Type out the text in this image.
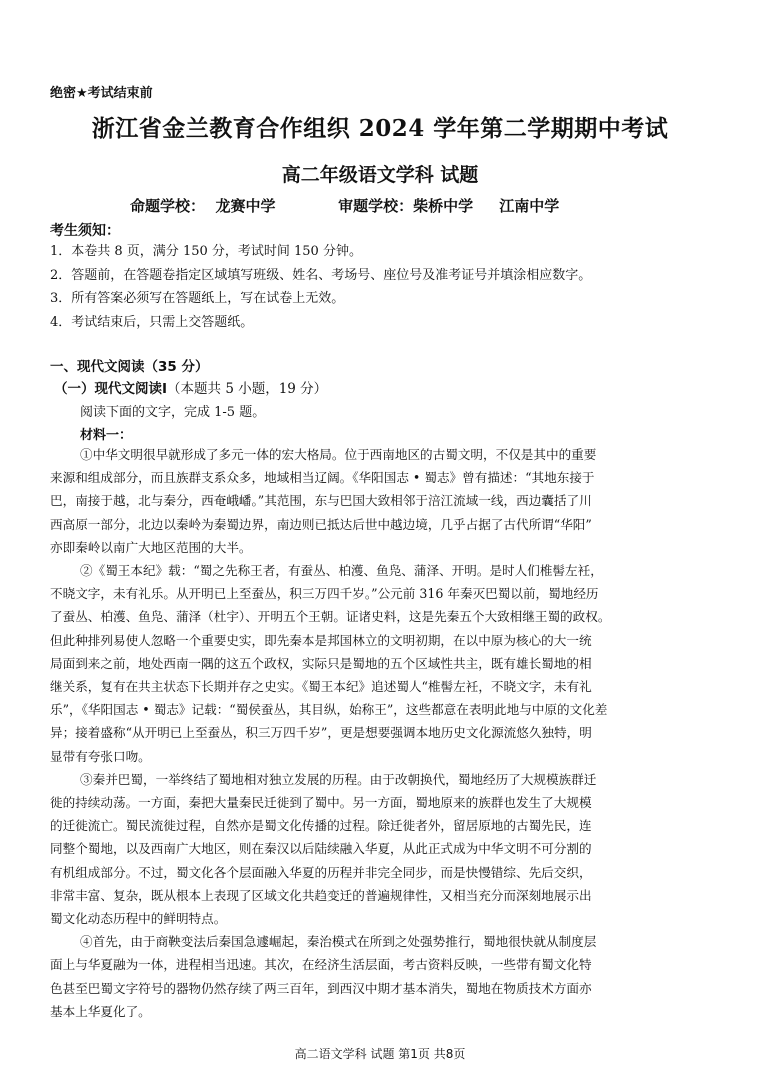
绝密★考试结束前
浙江省金兰教育合作组织 2024 学年第二学期期中考试
高二年级语文学科 试题
命题学校：  龙赛中学            审题学校：柴桥中学     江南中学
考生须知：
1．本卷共 8 页，满分 150 分，考试时间 150 分钟。
2．答题前，在答题卷指定区域填写班级、姓名、考场号、座位号及准考证号并填涂相应数字。
3．所有答案必须写在答题纸上，写在试卷上无效。
4．考试结束后，只需上交答题纸。
一、现代文阅读（35 分）
（一）现代文阅读Ⅰ（本题共 5 小题，19 分）
阅读下面的文字，完成 1-5 题。
材料一：
①中华文明很早就形成了多元一体的宏大格局。位于西南地区的古蜀文明，不仅是其中的重要
来源和组成部分，而且族群支系众多，地域相当辽阔。《华阳国志 • 蜀志》曾有描述：“其地东接于
巴，南接于越，北与秦分，西奄峨嶓。”其范围，东与巴国大致相邻于涪江流域一线，西边囊括了川
西高原一部分，北边以秦岭为秦蜀边界，南边则已抵达后世中越边境，几乎占据了古代所谓“华阳”
亦即秦岭以南广大地区范围的大半。
②《蜀王本纪》载：“蜀之先称王者，有蚕丛、柏濩、鱼凫、蒲泽、开明。是时人们椎髻左衽，
不晓文字，未有礼乐。从开明已上至蚕丛，积三万四千岁。”公元前 316 年秦灭巴蜀以前，蜀地经历
了蚕丛、柏濩、鱼凫、蒲泽（杜宇）、开明五个王朝。证诸史料，这是先秦五个大致相继王蜀的政权。
但此种排列易使人忽略一个重要史实，即先秦本是邦国林立的文明初期，在以中原为核心的大一统
局面到来之前，地处西南一隅的这五个政权，实际只是蜀地的五个区域性共主，既有雄长蜀地的相
继关系，复有在共主状态下长期并存之史实。《蜀王本纪》追述蜀人“椎髻左衽，不晓文字，未有礼
乐”，《华阳国志 • 蜀志》记载：“蜀侯蚕丛，其目纵，始称王”，这些都意在表明此地与中原的文化差
异；接着盛称“从开明已上至蚕丛，积三万四千岁”，更是想要强调本地历史文化源流悠久独特，明
显带有夸张口吻。
③秦并巴蜀，一举终结了蜀地相对独立发展的历程。由于改朝换代，蜀地经历了大规模族群迁
徙的持续动荡。一方面，秦把大量秦民迁徙到了蜀中。另一方面，蜀地原来的族群也发生了大规模
的迁徙流亡。蜀民流徙过程，自然亦是蜀文化传播的过程。除迁徙者外，留居原地的古蜀先民，连
同整个蜀地，以及西南广大地区，则在秦汉以后陆续融入华夏，从此正式成为中华文明不可分割的
有机组成部分。不过，蜀文化各个层面融入华夏的历程并非完全同步，而是快慢错综、先后交织，
非常丰富、复杂，既从根本上表现了区域文化共趋变迁的普遍规律性，又相当充分而深刻地展示出
蜀文化动态历程中的鲜明特点。
④首先，由于商鞅变法后秦国急遽崛起，秦治模式在所到之处强势推行，蜀地很快就从制度层
面上与华夏融为一体，进程相当迅速。其次，在经济生活层面，考古资料反映，一些带有蜀文化特
色甚至巴蜀文字符号的器物仍然存续了两三百年，到西汉中期才基本消失，蜀地在物质技术方面亦
基本上华夏化了。
高二语文学科 试题 第1页 共8页
